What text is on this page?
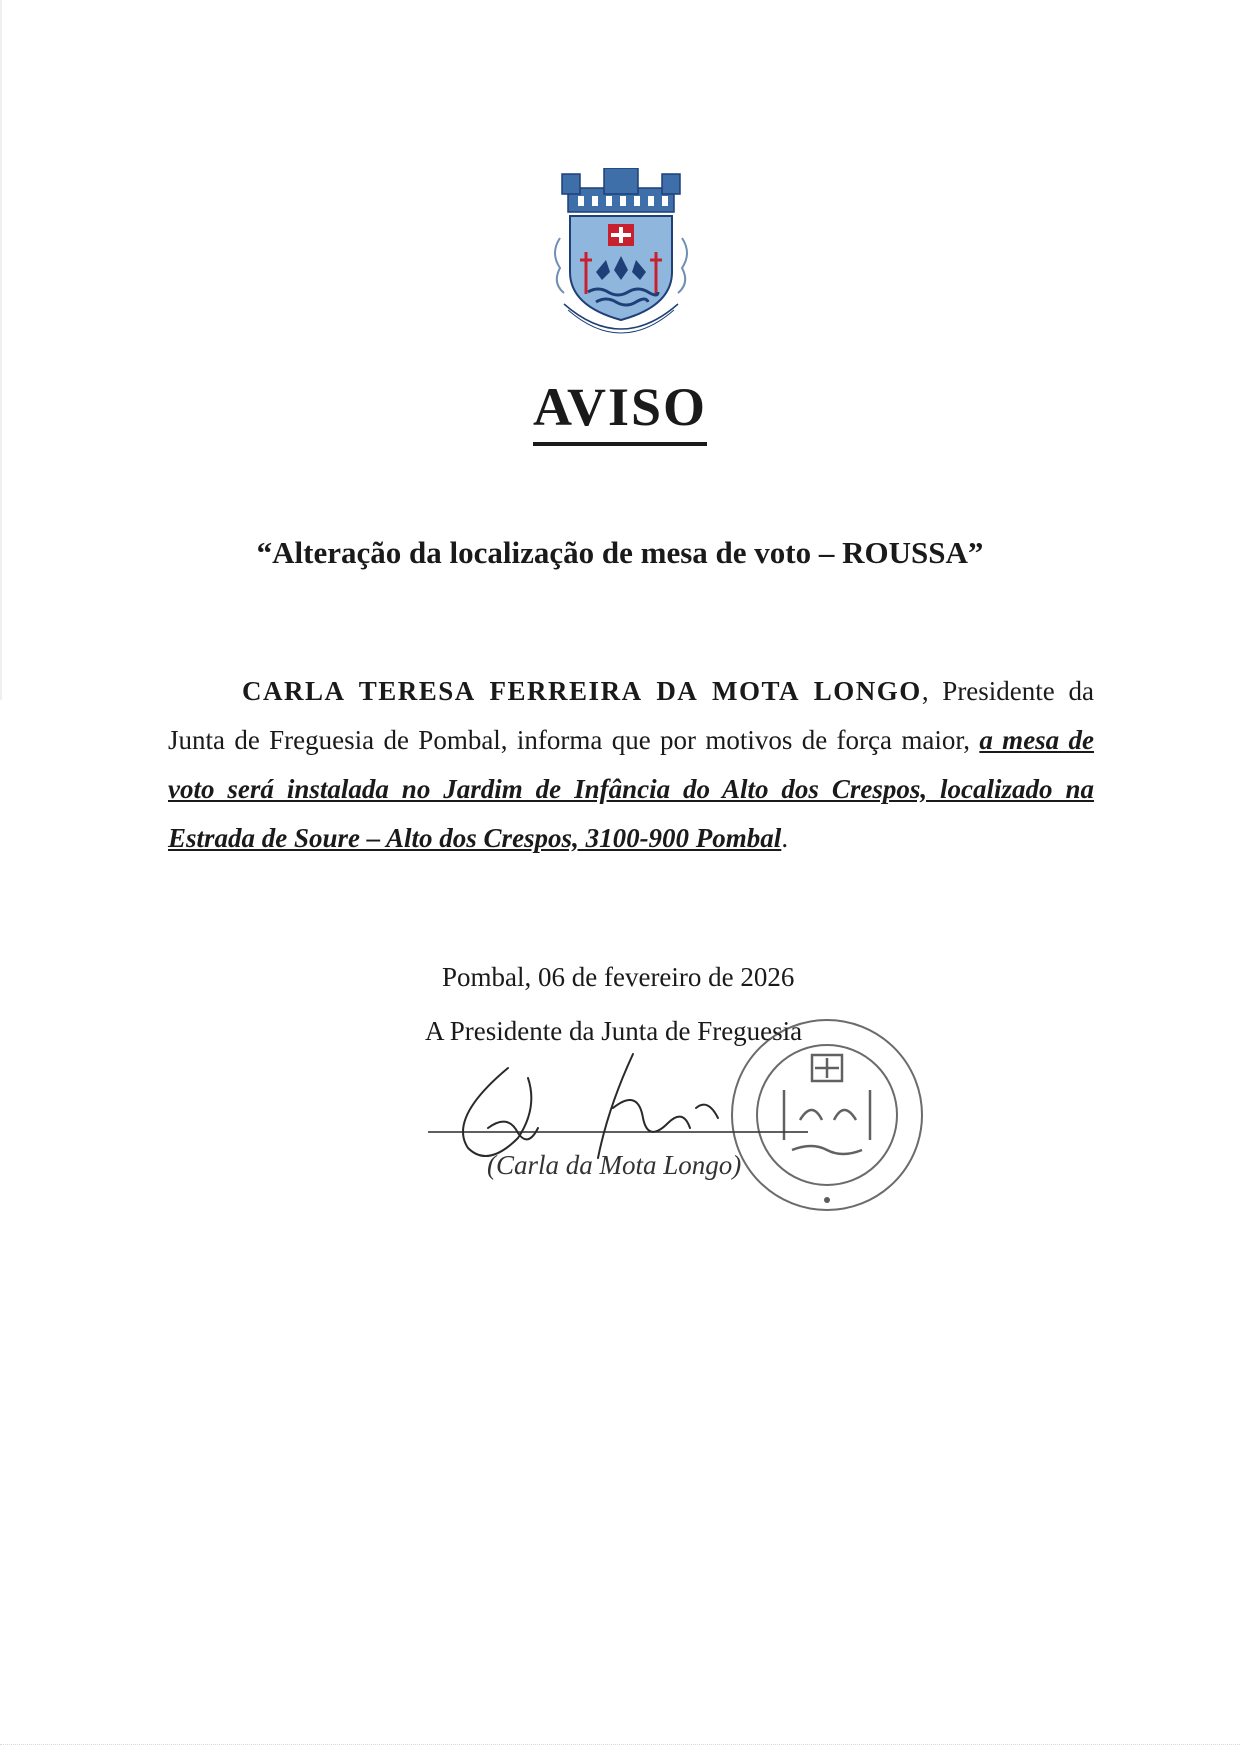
AVISO
“Alteração da localização de mesa de voto – ROUSSA”

CARLA TERESA FERREIRA DA MOTA LONGO, Presidente da Junta de Freguesia de Pombal, informa que por motivos de força maior, a mesa de voto será instalada no Jardim de Infância do Alto dos Crespos, localizado na Estrada de Soure – Alto dos Crespos, 3100-900 Pombal.

Pombal, 06 de fevereiro de 2026
A Presidente da Junta de Freguesia
(Carla da Mota Longo)
